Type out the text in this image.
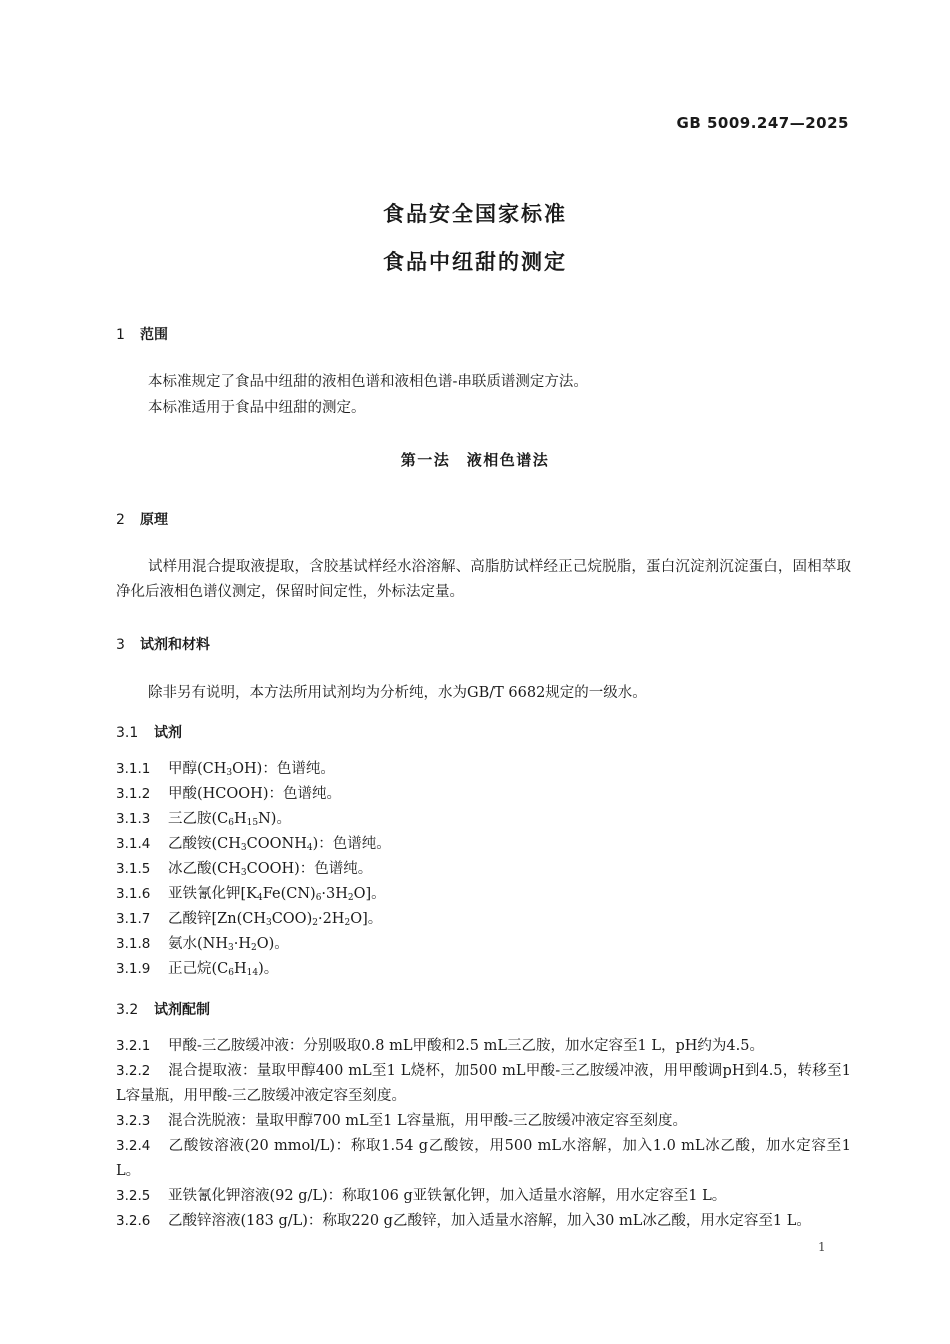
GB 5009.247—2025
食品安全国家标准
食品中纽甜的测定
1 范围
本标准规定了食品中纽甜的液相色谱和液相色谱-串联质谱测定方法。
本标准适用于食品中纽甜的测定。
第一法　液相色谱法
2 原理
试样用混合提取液提取，含胶基试样经水浴溶解、高脂肪试样经正己烷脱脂，蛋白沉淀剂沉淀蛋白，固相萃取净化后液相色谱仪测定，保留时间定性，外标法定量。
3 试剂和材料
除非另有说明，本方法所用试剂均为分析纯，水为GB/T 6682规定的一级水。
3.1 试剂
3.1.1 甲醇$(CH_3OH)$：色谱纯。
3.1.2 甲酸(HCOOH)：色谱纯。
3.1.3 三乙胺$(C_6H_{15}N)$。
3.1.4 乙酸铵$(CH_3COONH_4)$：色谱纯。
3.1.5 冰乙酸$(CH_3COOH)$：色谱纯。
3.1.6 亚铁氰化钾$[K_4Fe(CN)_6\cdot 3H_2O]$。
3.1.7 乙酸锌$[Zn(CH_3COO)_2\cdot 2H_2O]$。
3.1.8 氨水$(NH_3\cdot H_2O)$。
3.1.9 正己烷$(C_6H_{14})$。
3.2 试剂配制
3.2.1 甲酸-三乙胺缓冲液：分别吸取0.8 mL甲酸和2.5 mL三乙胺，加水定容至1 L，pH约为4.5。
3.2.2 混合提取液：量取甲醇400 mL至1 L烧杯，加500 mL甲酸-三乙胺缓冲液，用甲酸调pH到4.5，转移至1 L容量瓶，用甲酸-三乙胺缓冲液定容至刻度。
3.2.3 混合洗脱液：量取甲醇700 mL至1 L容量瓶，用甲酸-三乙胺缓冲液定容至刻度。
3.2.4 乙酸铵溶液(20 mmol/L)：称取1.54 g乙酸铵，用500 mL水溶解，加入1.0 mL冰乙酸，加水定容至1 L。
3.2.5 亚铁氰化钾溶液(92 g/L)：称取106 g亚铁氰化钾，加入适量水溶解，用水定容至1 L。
3.2.6 乙酸锌溶液(183 g/L)：称取220 g乙酸锌，加入适量水溶解，加入30 mL冰乙酸，用水定容至1 L。
1
